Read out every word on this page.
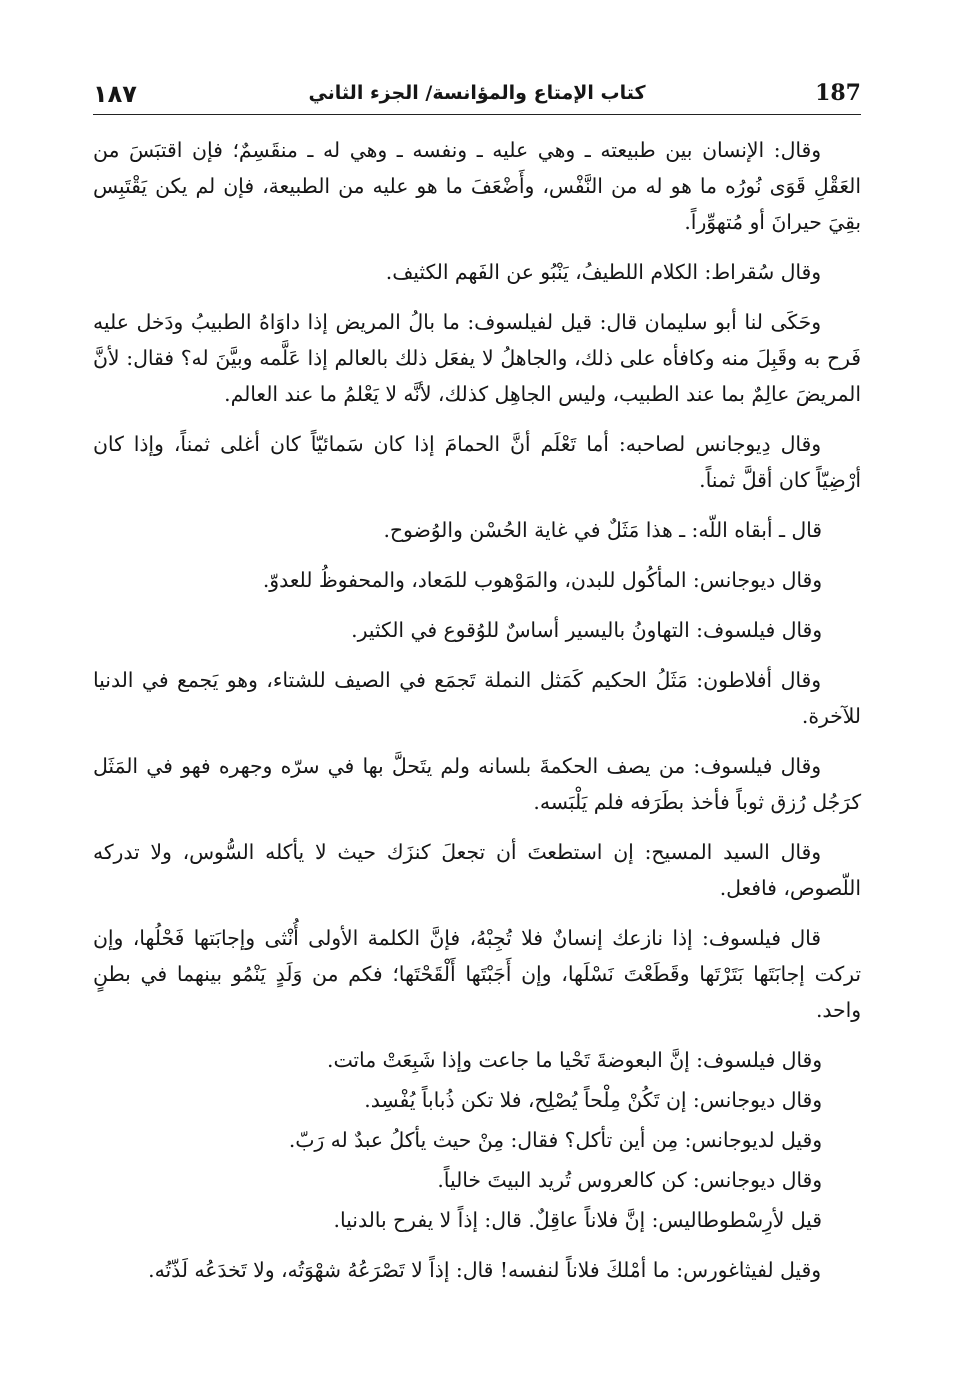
187
كتاب الإمتاع والمؤانسة/ الجزء الثاني
١٨٧

وقال: الإنسان بين طبيعته ـ وهي عليه ـ ونفسه ـ وهي له ـ منقَسِمٌ؛ فإن اقتبَسَ من العَقْلِ قَوَى نُورُه ما هو له من النَّفْس، وأَضْعَفَ ما هو عليه من الطبيعة، فإن لم يكن يَقْتَبِس بقِيَ حيرانَ أو مُتهوِّراً.

وقال سُقراط: الكلام اللطيفُ، يَنْبُو عن الفَهم الكثيف.

وحَكَى لنا أبو سليمان قال: قيل لفيلسوف: ما بالُ المريض إذا داوَاهُ الطبيبُ ودَخل عليه فَرح به وقَبِلَ منه وكافأه على ذلك، والجاهلُ لا يفعَل ذلك بالعالم إذا عَلَّمه وبيَّنَ له؟ فقال: لأنَّ المريضَ عالِمٌ بما عند الطبيب، وليس الجاهِل كذلك، لأنَّه لا يَعْلمُ ما عند العالم.

وقال دِيوجانس لصاحبه: أما تَعْلَم أنَّ الحمامَ إذا كان سَمائيّاً كان أغلى ثمناً، وإذا كان أرْضِيّاً كان أقلَّ ثمناً.

قال ـ أبقاه اللّه: ـ هذا مَثَلٌ في غاية الحُسْن والوُضوح.

وقال ديوجانس: المأكُول للبدن، والمَوْهوب للمَعاد، والمحفوظُ للعدوّ.

وقال فيلسوف: التهاونُ باليسير أساسٌ للوُقوع في الكثير.

وقال أفلاطون: مَثَلُ الحكيم كَمَثل النملة تَجمَع في الصيف للشتاء، وهو يَجمع في الدنيا للآخرة.

وقال فيلسوف: من يصف الحكمةَ بلسانه ولم يتَحلَّ بها في سرّه وجهره فهو في المَثَل كرَجُل رُزق ثوباً فأخذ بطَرَفه فلم يَلْبَسه.

وقال السيد المسيح: إن استطعتَ أن تجعلَ كنزَك حيث لا يأكله السُّوس، ولا تدركه اللّصوص، فافعل.

قال فيلسوف: إذا نازعك إنسانٌ فلا تُجِبْهُ، فإنَّ الكلمة الأولى أُنْثى وإجابَتها فَحْلُها، وإن تركت إجابَتَها بَتَرْتَها وقَطَعْتَ نَسْلَها، وإن أَجَبْتَها أَلْقَحْتَها؛ فكم من وَلَدٍ يَنْمُو بينهما في بطنٍ واحد.

وقال فيلسوف: إنَّ البعوضةَ تَحْيا ما جاعت وإذا شَبِعَتْ ماتت.

وقال ديوجانس: إن تَكُنْ مِلْحاً يُصْلِح، فلا تكن ذُباباً يُفْسِد.

وقيل لديوجانس: مِن أين تأكل؟ فقال: مِنْ حيث يأكلُ عبدٌ له رَبّ.

وقال ديوجانس: كن كالعروس تُريد البيتَ خالياً.

قيل لأرِسْطوطاليس: إنَّ فلاناً عاقِلٌ. قال: إذاً لا يفرح بالدنيا.

وقيل لفيثاغورس: ما أمْلكَ فلاناً لنفسه! قال: إذاً لا تَصْرَعُهُ شهْوَتُه، ولا تَخدَعُه لَذّتُه.
